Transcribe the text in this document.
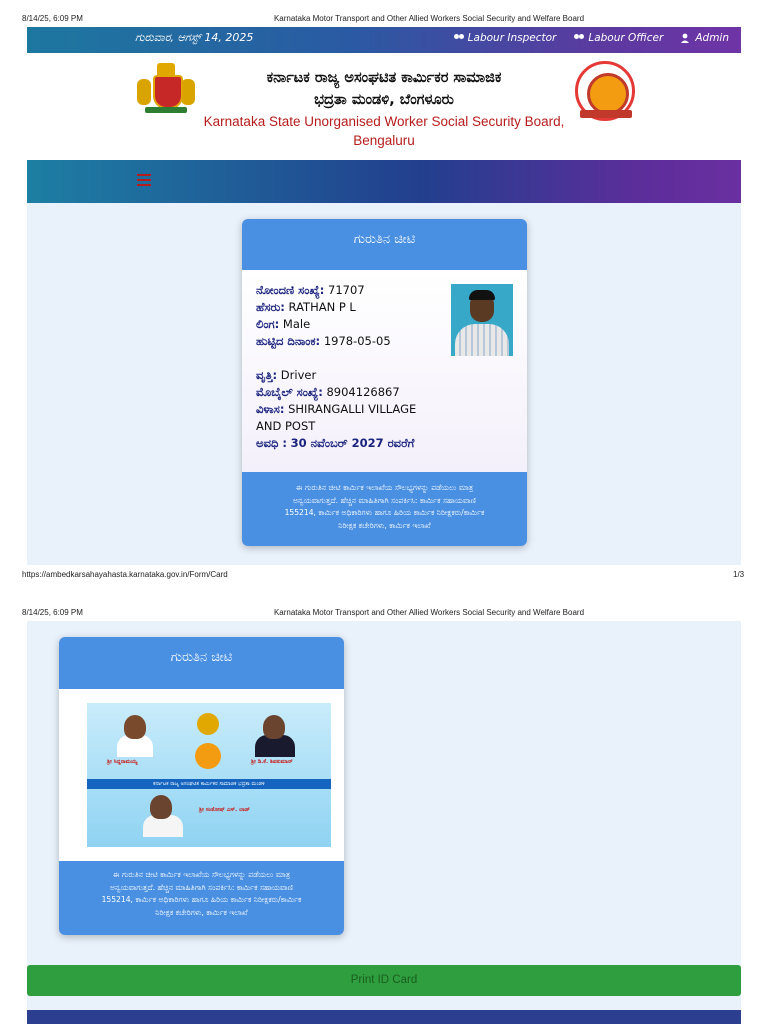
8/14/25, 6:09 PM	Karnataka Motor Transport and Other Allied Workers Social Security and Welfare Board
ಗುರುವಾರ, ಆಗಸ್ಟ್ 14, 2025	Labour Inspector	Labour Officer	Admin
ಕರ್ನಾಟಕ ರಾಜ್ಯ ಅಸಂಘಟಿತ ಕಾರ್ಮಿಕರ ಸಾಮಾಜಿಕ
ಭದ್ರತಾ ಮಂಡಳಿ, ಬೆಂಗಳೂರು
Karnataka State Unorganised Worker Social Security Board,
Bengaluru
ಗುರುತಿನ ಚೀಟಿ
ನೋಂದಣಿ ಸಂಖ್ಯೆ: 71707
ಹೆಸರು: RATHAN P L
ಲಿಂಗ: Male
ಹುಟ್ಟಿದ ದಿನಾಂಕ: 1978-05-05
ವೃತ್ತಿ: Driver
ಮೊಬೈಲ್ ಸಂಖ್ಯೆ: 8904126867
ವಿಳಾಸ: SHIRANGALLI VILLAGE
AND POST
ಅವಧಿ : 30 ನವೆಂಬರ್ 2027 ರವರೆಗೆ
ಈ ಗುರುತಿನ ಚೀಟಿ ಕಾರ್ಮಿಕ ಇಲಾಖೆಯ ಸೌಲಭ್ಯಗಳನ್ನು ಪಡೆಯಲು ಮಾತ್ರ
ಅನ್ವಯವಾಗುತ್ತದೆ. ಹೆಚ್ಚಿನ ಮಾಹಿತಿಗಾಗಿ ಸಂಪರ್ಕಿಸಿ: ಕಾರ್ಮಿಕ ಸಹಾಯವಾಣಿ
155214, ಕಾರ್ಮಿಕ ಅಧಿಕಾರಿಗಳು ಹಾಗೂ ಹಿರಿಯ ಕಾರ್ಮಿಕ ನಿರೀಕ್ಷಕರು/ಕಾರ್ಮಿಕ
ನಿರೀಕ್ಷಕ ಕಚೇರಿಗಳು, ಕಾರ್ಮಿಕ ಇಲಾಖೆ
https://ambedkarsahayahasta.karnataka.gov.in/Form/Card	1/3
8/14/25, 6:09 PM	Karnataka Motor Transport and Other Allied Workers Social Security and Welfare Board
ಗುರುತಿನ ಚೀಟಿ
ಶ್ರೀ ಸಿದ್ದರಾಮಯ್ಯ	ಶ್ರೀ ಡಿ.ಕೆ. ಶಿವಕುಮಾರ್
ಕರ್ನಾಟಕ ರಾಜ್ಯ ಅಸಂಘಟಿತ ಕಾರ್ಮಿಕರ ಸಾಮಾಜಿಕ ಭದ್ರತಾ ಮಂಡಳಿ
ಶ್ರೀ ಸಂತೋಷ್ ಎಸ್. ಲಾಡ್
ಈ ಗುರುತಿನ ಚೀಟಿ ಕಾರ್ಮಿಕ ಇಲಾಖೆಯ ಸೌಲಭ್ಯಗಳನ್ನು ಪಡೆಯಲು ಮಾತ್ರ
ಅನ್ವಯವಾಗುತ್ತದೆ. ಹೆಚ್ಚಿನ ಮಾಹಿತಿಗಾಗಿ ಸಂಪರ್ಕಿಸಿ: ಕಾರ್ಮಿಕ ಸಹಾಯವಾಣಿ
155214, ಕಾರ್ಮಿಕ ಅಧಿಕಾರಿಗಳು ಹಾಗೂ ಹಿರಿಯ ಕಾರ್ಮಿಕ ನಿರೀಕ್ಷಕರು/ಕಾರ್ಮಿಕ
ನಿರೀಕ್ಷಕ ಕಚೇರಿಗಳು, ಕಾರ್ಮಿಕ ಇಲಾಖೆ
Print ID Card
